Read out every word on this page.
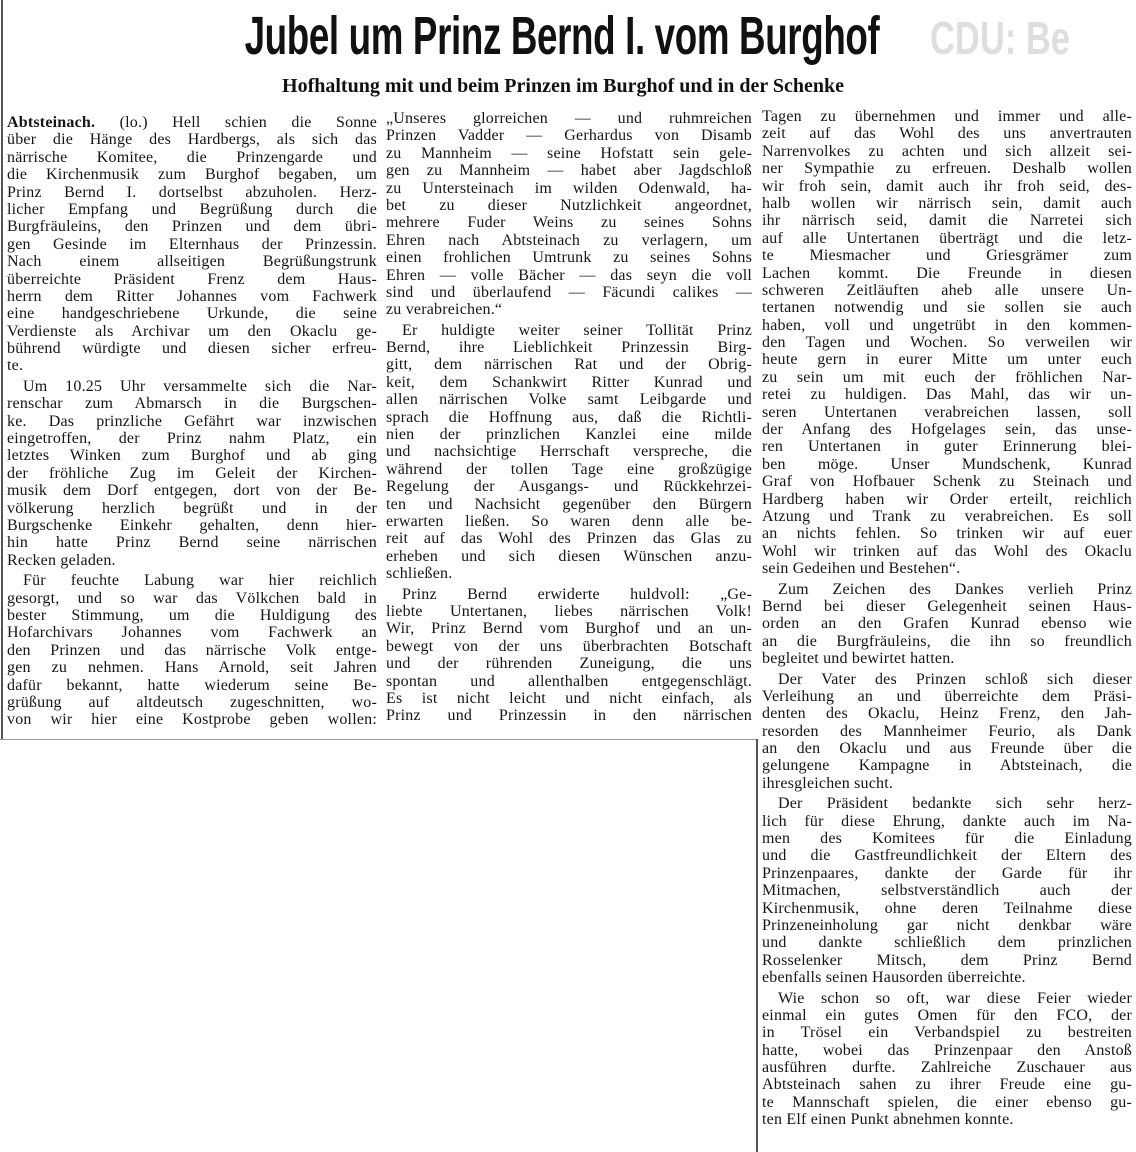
CDU: Be
Jubel um Prinz Bernd I. vom Burghof
Hofhaltung mit und beim Prinzen im Burghof und in der Schenke
Abtsteinach. (lo.) Hell schien die Sonne
über die Hänge des Hardbergs, als sich das
närrische Komitee, die Prinzengarde und
die Kirchenmusik zum Burghof begaben, um
Prinz Bernd I. dortselbst abzuholen. Herz-
licher Empfang und Begrüßung durch die
Burgfräuleins, den Prinzen und dem übri-
gen Gesinde im Elternhaus der Prinzessin.
Nach einem allseitigen Begrüßungstrunk
überreichte Präsident Frenz dem Haus-
herrn dem Ritter Johannes vom Fachwerk
eine handgeschriebene Urkunde, die seine
Verdienste als Archivar um den Okaclu ge-
bührend würdigte und diesen sicher erfreu-
te.
Um 10.25 Uhr versammelte sich die Nar-
renschar zum Abmarsch in die Burgschen-
ke. Das prinzliche Gefährt war inzwischen
eingetroffen, der Prinz nahm Platz, ein
letztes Winken zum Burghof und ab ging
der fröhliche Zug im Geleit der Kirchen-
musik dem Dorf entgegen, dort von der Be-
völkerung herzlich begrüßt und in der
Burgschenke Einkehr gehalten, denn hier-
hin hatte Prinz Bernd seine närrischen
Recken geladen.
Für feuchte Labung war hier reichlich
gesorgt, und so war das Völkchen bald in
bester Stimmung, um die Huldigung des
Hofarchivars Johannes vom Fachwerk an
den Prinzen und das närrische Volk entge-
gen zu nehmen. Hans Arnold, seit Jahren
dafür bekannt, hatte wiederum seine Be-
grüßung auf altdeutsch zugeschnitten, wo-
von wir hier eine Kostprobe geben wollen:
„Unseres glorreichen — und ruhmreichen
Prinzen Vadder — Gerhardus von Disamb
zu Mannheim — seine Hofstatt sein gele-
gen zu Mannheim — habet aber Jagdschloß
zu Untersteinach im wilden Odenwald, ha-
bet zu dieser Nutzlichkeit angeordnet,
mehrere Fuder Weins zu seines Sohns
Ehren nach Abtsteinach zu verlagern, um
einen frohlichen Umtrunk zu seines Sohns
Ehren — volle Bächer — das seyn die voll
sind und überlaufend — Fäcundi calikes —
zu verabreichen.“
Er huldigte weiter seiner Tollität Prinz
Bernd, ihre Lieblichkeit Prinzessin Birg-
gitt, dem närrischen Rat und der Obrig-
keit, dem Schankwirt Ritter Kunrad und
allen närrischen Volke samt Leibgarde und
sprach die Hoffnung aus, daß die Richtli-
nien der prinzlichen Kanzlei eine milde
und nachsichtige Herrschaft verspreche, die
während der tollen Tage eine großzügige
Regelung der Ausgangs- und Rückkehrzei-
ten und Nachsicht gegenüber den Bürgern
erwarten ließen. So waren denn alle be-
reit auf das Wohl des Prinzen das Glas zu
erheben und sich diesen Wünschen anzu-
schließen.
Prinz Bernd erwiderte huldvoll: „Ge-
liebte Untertanen, liebes närrischen Volk!
Wir, Prinz Bernd vom Burghof und an un-
bewegt von der uns überbrachten Botschaft
und der rührenden Zuneigung, die uns
spontan und allenthalben entgegenschlägt.
Es ist nicht leicht und nicht einfach, als
Prinz und Prinzessin in den närrischen
Tagen zu übernehmen und immer und alle-
zeit auf das Wohl des uns anvertrauten
Narrenvolkes zu achten und sich allzeit sei-
ner Sympathie zu erfreuen. Deshalb wollen
wir froh sein, damit auch ihr froh seid, des-
halb wollen wir närrisch sein, damit auch
ihr närrisch seid, damit die Narretei sich
auf alle Untertanen überträgt und die letz-
te Miesmacher und Griesgrämer zum
Lachen kommt. Die Freunde in diesen
schweren Zeitläuften aheb alle unsere Un-
tertanen notwendig und sie sollen sie auch
haben, voll und ungetrübt in den kommen-
den Tagen und Wochen. So verweilen wir
heute gern in eurer Mitte um unter euch
zu sein um mit euch der fröhlichen Nar-
retei zu huldigen. Das Mahl, das wir un-
seren Untertanen verabreichen lassen, soll
der Anfang des Hofgelages sein, das unse-
ren Untertanen in guter Erinnerung blei-
ben möge. Unser Mundschenk, Kunrad
Graf von Hofbauer Schenk zu Steinach und
Hardberg haben wir Order erteilt, reichlich
Atzung und Trank zu verabreichen. Es soll
an nichts fehlen. So trinken wir auf euer
Wohl wir trinken auf das Wohl des Okaclu
sein Gedeihen und Bestehen“.
Zum Zeichen des Dankes verlieh Prinz
Bernd bei dieser Gelegenheit seinen Haus-
orden an den Grafen Kunrad ebenso wie
an die Burgfräuleins, die ihn so freundlich
begleitet und bewirtet hatten.
Der Vater des Prinzen schloß sich dieser
Verleihung an und überreichte dem Präsi-
denten des Okaclu, Heinz Frenz, den Jah-
resorden des Mannheimer Feurio, als Dank
an den Okaclu und aus Freunde über die
gelungene Kampagne in Abtsteinach, die
ihresgleichen sucht.
Der Präsident bedankte sich sehr herz-
lich für diese Ehrung, dankte auch im Na-
men des Komitees für die Einladung
und die Gastfreundlichkeit der Eltern des
Prinzenpaares, dankte der Garde für ihr
Mitmachen, selbstverständlich auch der
Kirchenmusik, ohne deren Teilnahme diese
Prinzeneinholung gar nicht denkbar wäre
und dankte schließlich dem prinzlichen
Rosselenker Mitsch, dem Prinz Bernd
ebenfalls seinen Hausorden überreichte.
Wie schon so oft, war diese Feier wieder
einmal ein gutes Omen für den FCO, der
in Trösel ein Verbandspiel zu bestreiten
hatte, wobei das Prinzenpaar den Anstoß
ausführen durfte. Zahlreiche Zuschauer aus
Abtsteinach sahen zu ihrer Freude eine gu-
te Mannschaft spielen, die einer ebenso gu-
ten Elf einen Punkt abnehmen konnte.
